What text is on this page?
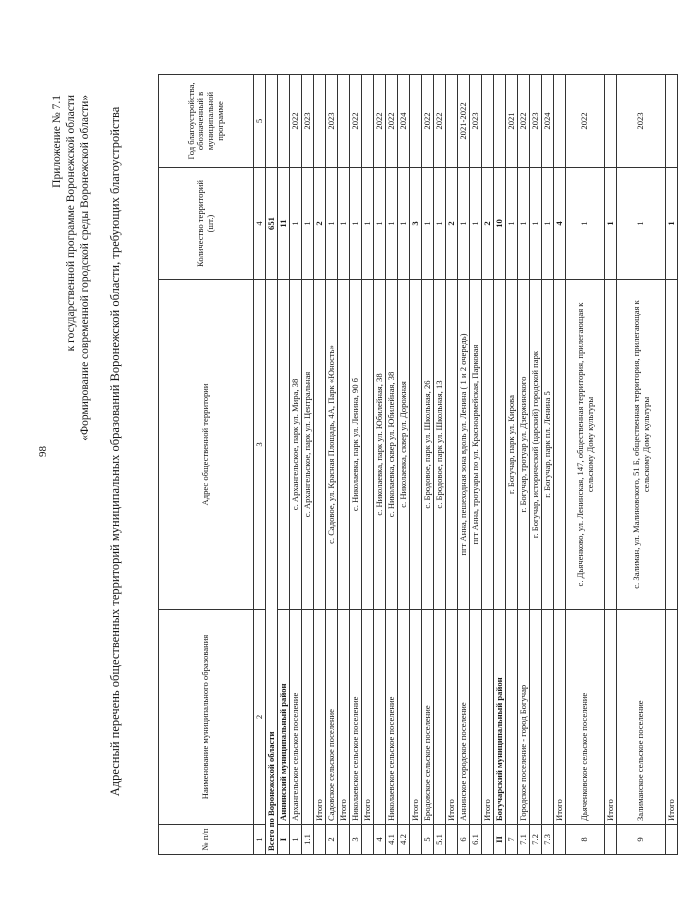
98
Приложение № 7.1 к государственной программе Воронежской области «Формирование современной городской среды Воронежской области» Адресный перечень общественных территорий муниципальных образований Воронежской области, требующих благоустройства
№ п/п	Наименование муниципального образования	Адрес общественной территории	Количество территорий (шт.)	Год благоустройства, обозначенный в муниципальной программе
1	2	3	4	5
Всего по Воронежской области			651	
I	Аннинский муниципальный район		11	
1	Архангельское сельское поселение	с. Архангельское, парк ул. Мира, 38	1	2022
1.1		с. Архангельское, парк ул. Центральная	1	2023
	Итого		2	
2	Садовское сельское поселение	с. Садовое, ул. Красная Площадь, 4А, Парк «Юность»	1	2023
	Итого		1	
3	Николаевское сельское поселение	с. Николаевка, парк ул. Ленина, 90 б	1	2022
	Итого		1	
4		с. Николаевка, парк ул. Юбилейная, 38	1	2022
4.1	Николаевское сельское поселение	с. Николаевка, сквер ул. Юбилейная, 38	1	2022
4.2		с. Николаевка, сквер ул. Дорожная	1	2024
	Итого		3	
5	Бродовское сельское поселение	с. Бродовое, парк ул. Школьная, 26	1	2022
5.1		с. Бродовое, парк ул. Школьная, 13	1	2022
	Итого		2	
6	Аннинское городское поселение	пгт Анна, пешеходная зона вдоль ул. Ленина ( 1 и 2 очередь)	1	2021-2022
6.1		пгт Анна, тротуары по ул. Красноармейская, Парковая	1	2023
	Итого		2	
II	Богучарский муниципальный район		10	
7		г. Богучар, парк ул. Кирова	1	2021
7.1	Городское поселение - город Богучар	г. Богучар, тротуар ул. Дзержинского	1	2022
7.2		г. Богучар, исторический (царский) городской парк	1	2023
7.3		г. Богучар, парк пл. Ленина 5	1	2024
	Итого		4	
8	Дьяченковское сельское поселение	с. Дьяченково, ул. Ленинская, 147, общественная территория, прилегающая к сельскому Дому культуры	1	2022
	Итого		1	
9	Залиманское сельское поселение	с. Залиман, ул. Малиновского, 51 Б, общественная территория, прилегающая к сельскому Дому культуры	1	2023
	Итого		1	
